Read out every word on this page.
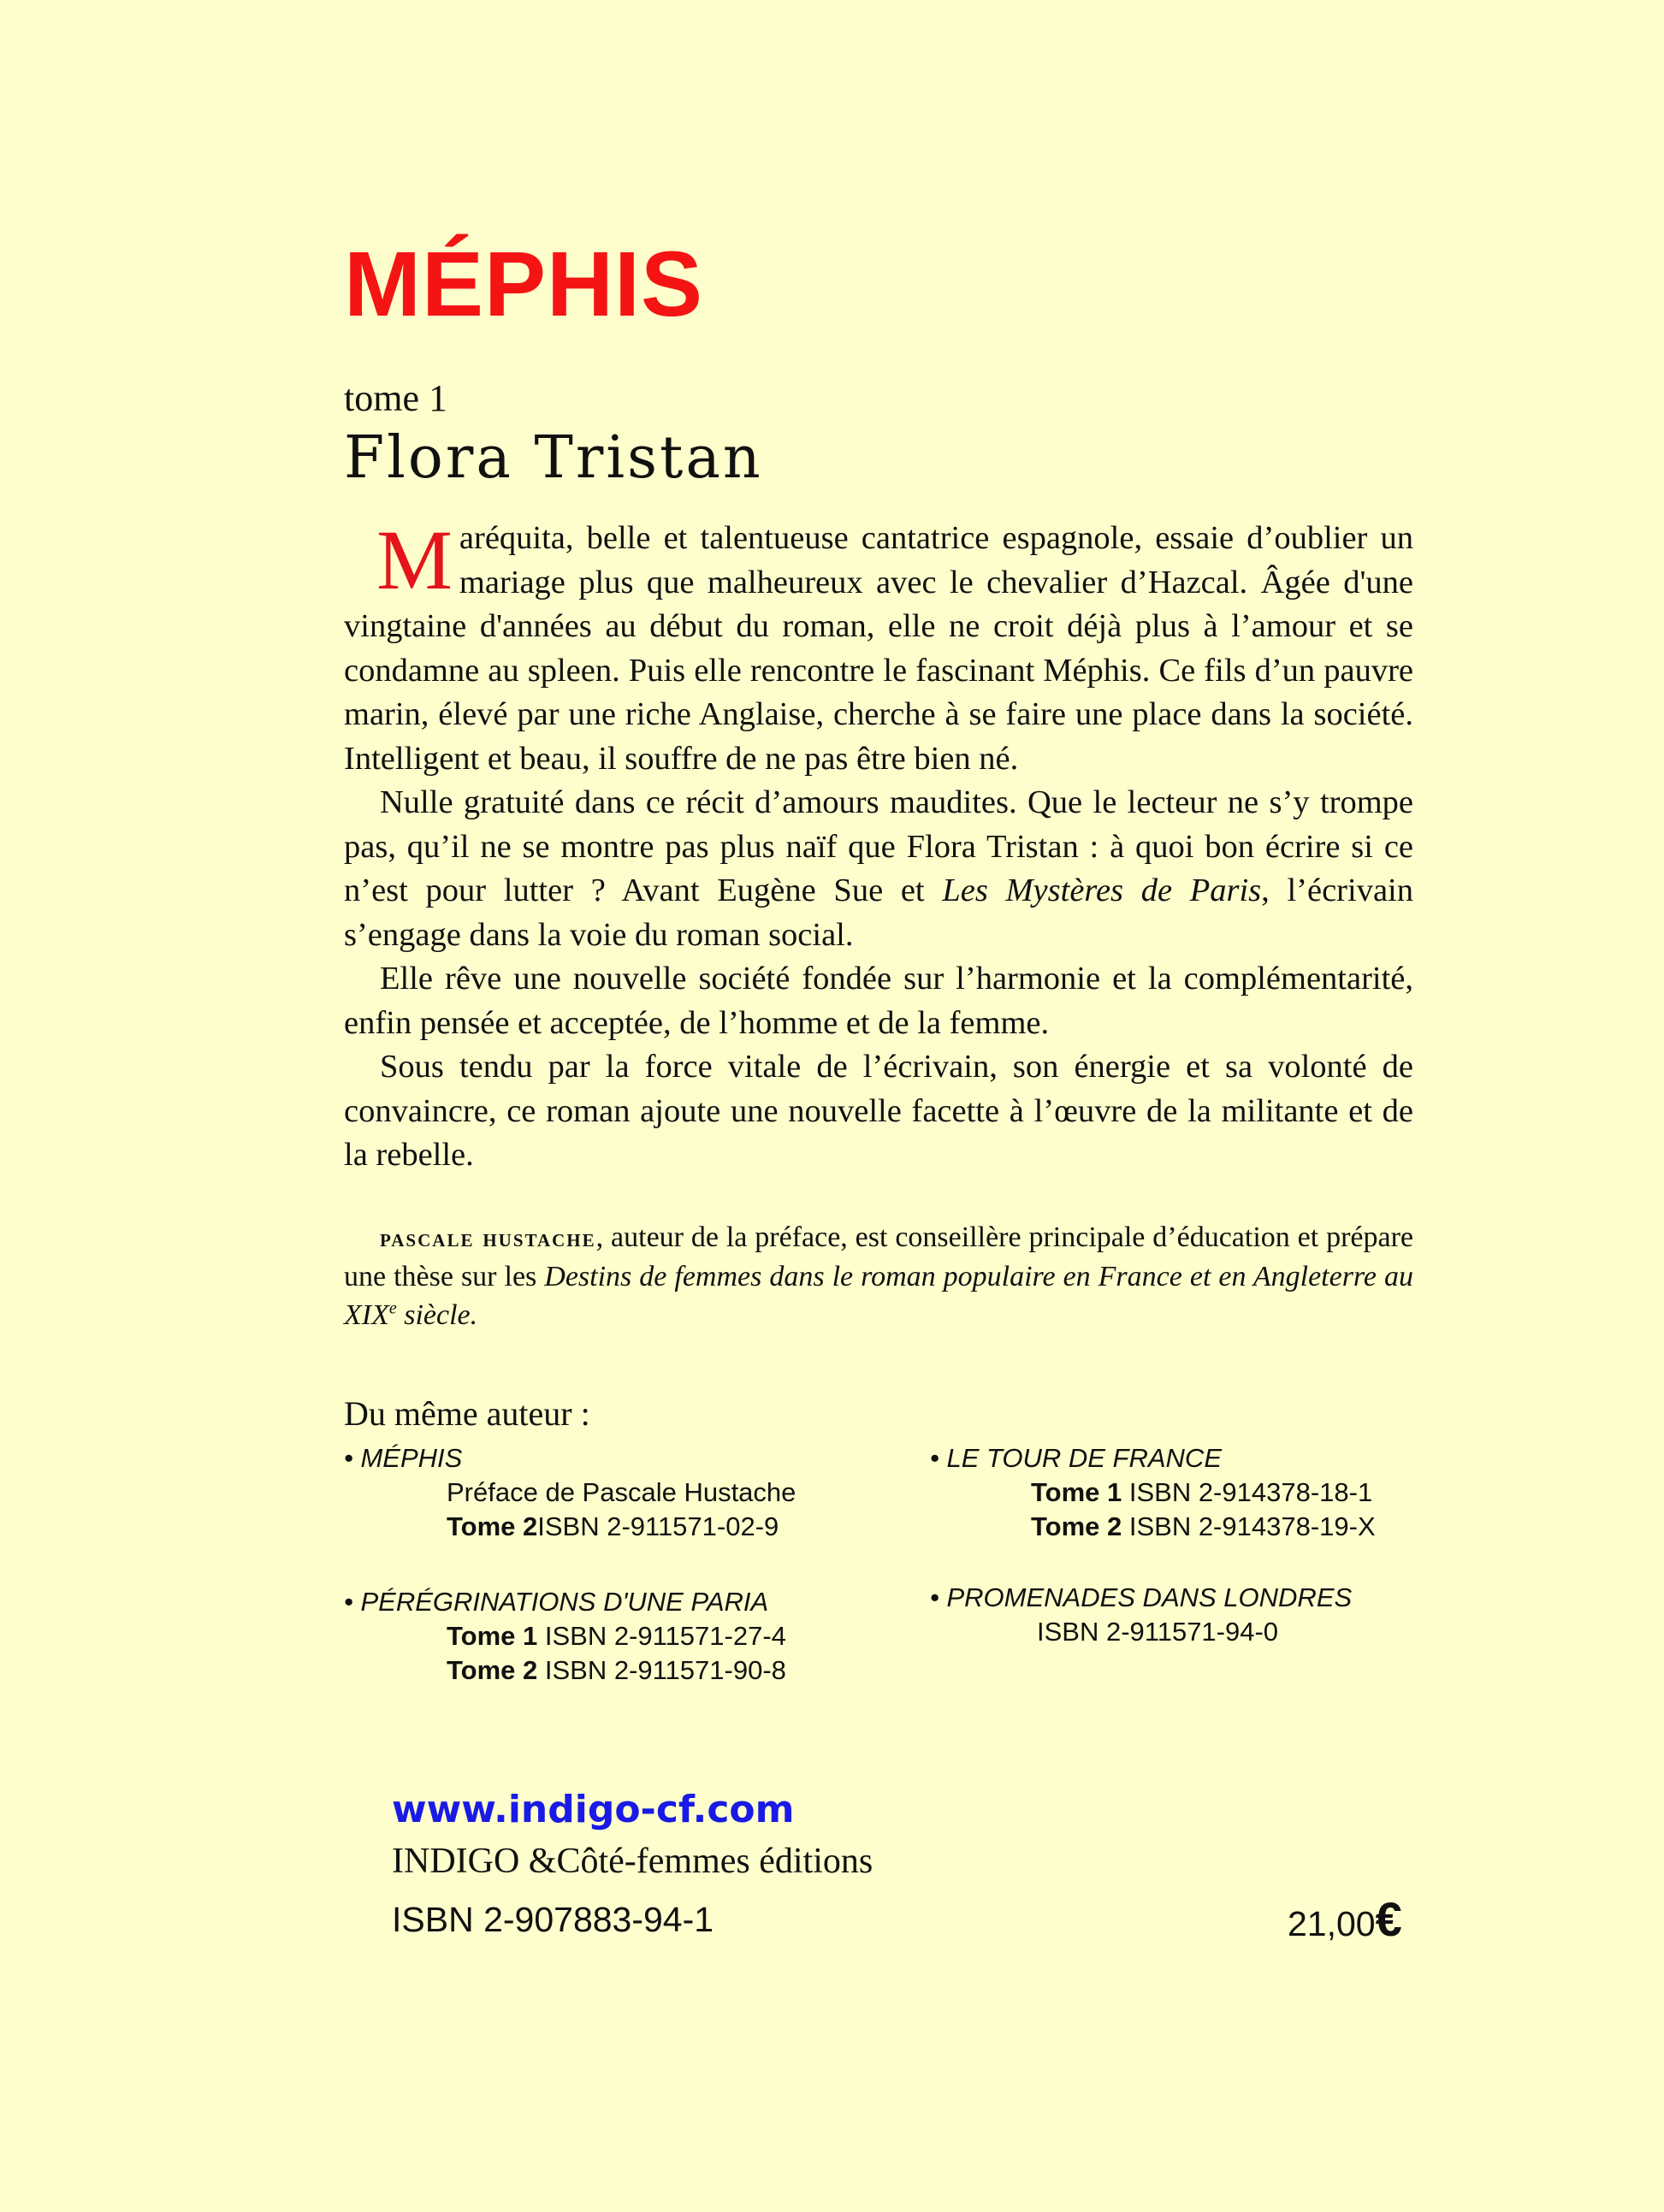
MÉPHIS
tome 1
Flora Tristan

Maréquita, belle et talentueuse cantatrice espagnole, essaie d’oublier un mariage plus que malheureux avec le chevalier d’Hazcal. Âgée d'une vingtaine d'années au début du roman, elle ne croit déjà plus à l’amour et se condamne au spleen. Puis elle rencontre le fascinant Méphis. Ce fils d’un pauvre marin, élevé par une riche Anglaise, cherche à se faire une place dans la société. Intelligent et beau, il souffre de ne pas être bien né.

Nulle gratuité dans ce récit d’amours maudites. Que le lecteur ne s’y trompe pas, qu’il ne se montre pas plus naïf que Flora Tristan : à quoi bon écrire si ce n’est pour lutter ? Avant Eugène Sue et Les Mystères de Paris, l’écrivain s’engage dans la voie du roman social.

Elle rêve une nouvelle société fondée sur l’harmonie et la complémentarité, enfin pensée et acceptée, de l’homme et de la femme.

Sous tendu par la force vitale de l’écrivain, son énergie et sa volonté de convaincre, ce roman ajoute une nouvelle facette à l’œuvre de la militante et de la rebelle.

pascale hustache, auteur de la préface, est conseillère principale d’éducation et prépare une thèse sur les Destins de femmes dans le roman populaire en France et en Angleterre au XIXe siècle.

Du même auteur :
• MÉPHIS
Préface de Pascale Hustache
Tome 2ISBN 2-911571-02-9
• PÉRÉGRINATIONS D'UNE PARIA
Tome 1 ISBN 2-911571-27-4
Tome 2 ISBN 2-911571-90-8
• LE TOUR DE FRANCE
Tome 1 ISBN 2-914378-18-1
Tome 2 ISBN 2-914378-19-X
• PROMENADES DANS LONDRES
ISBN 2-911571-94-0
www.indigo-cf.com
INDIGO &Côté-femmes éditions
ISBN 2-907883-94-1	21,00€
